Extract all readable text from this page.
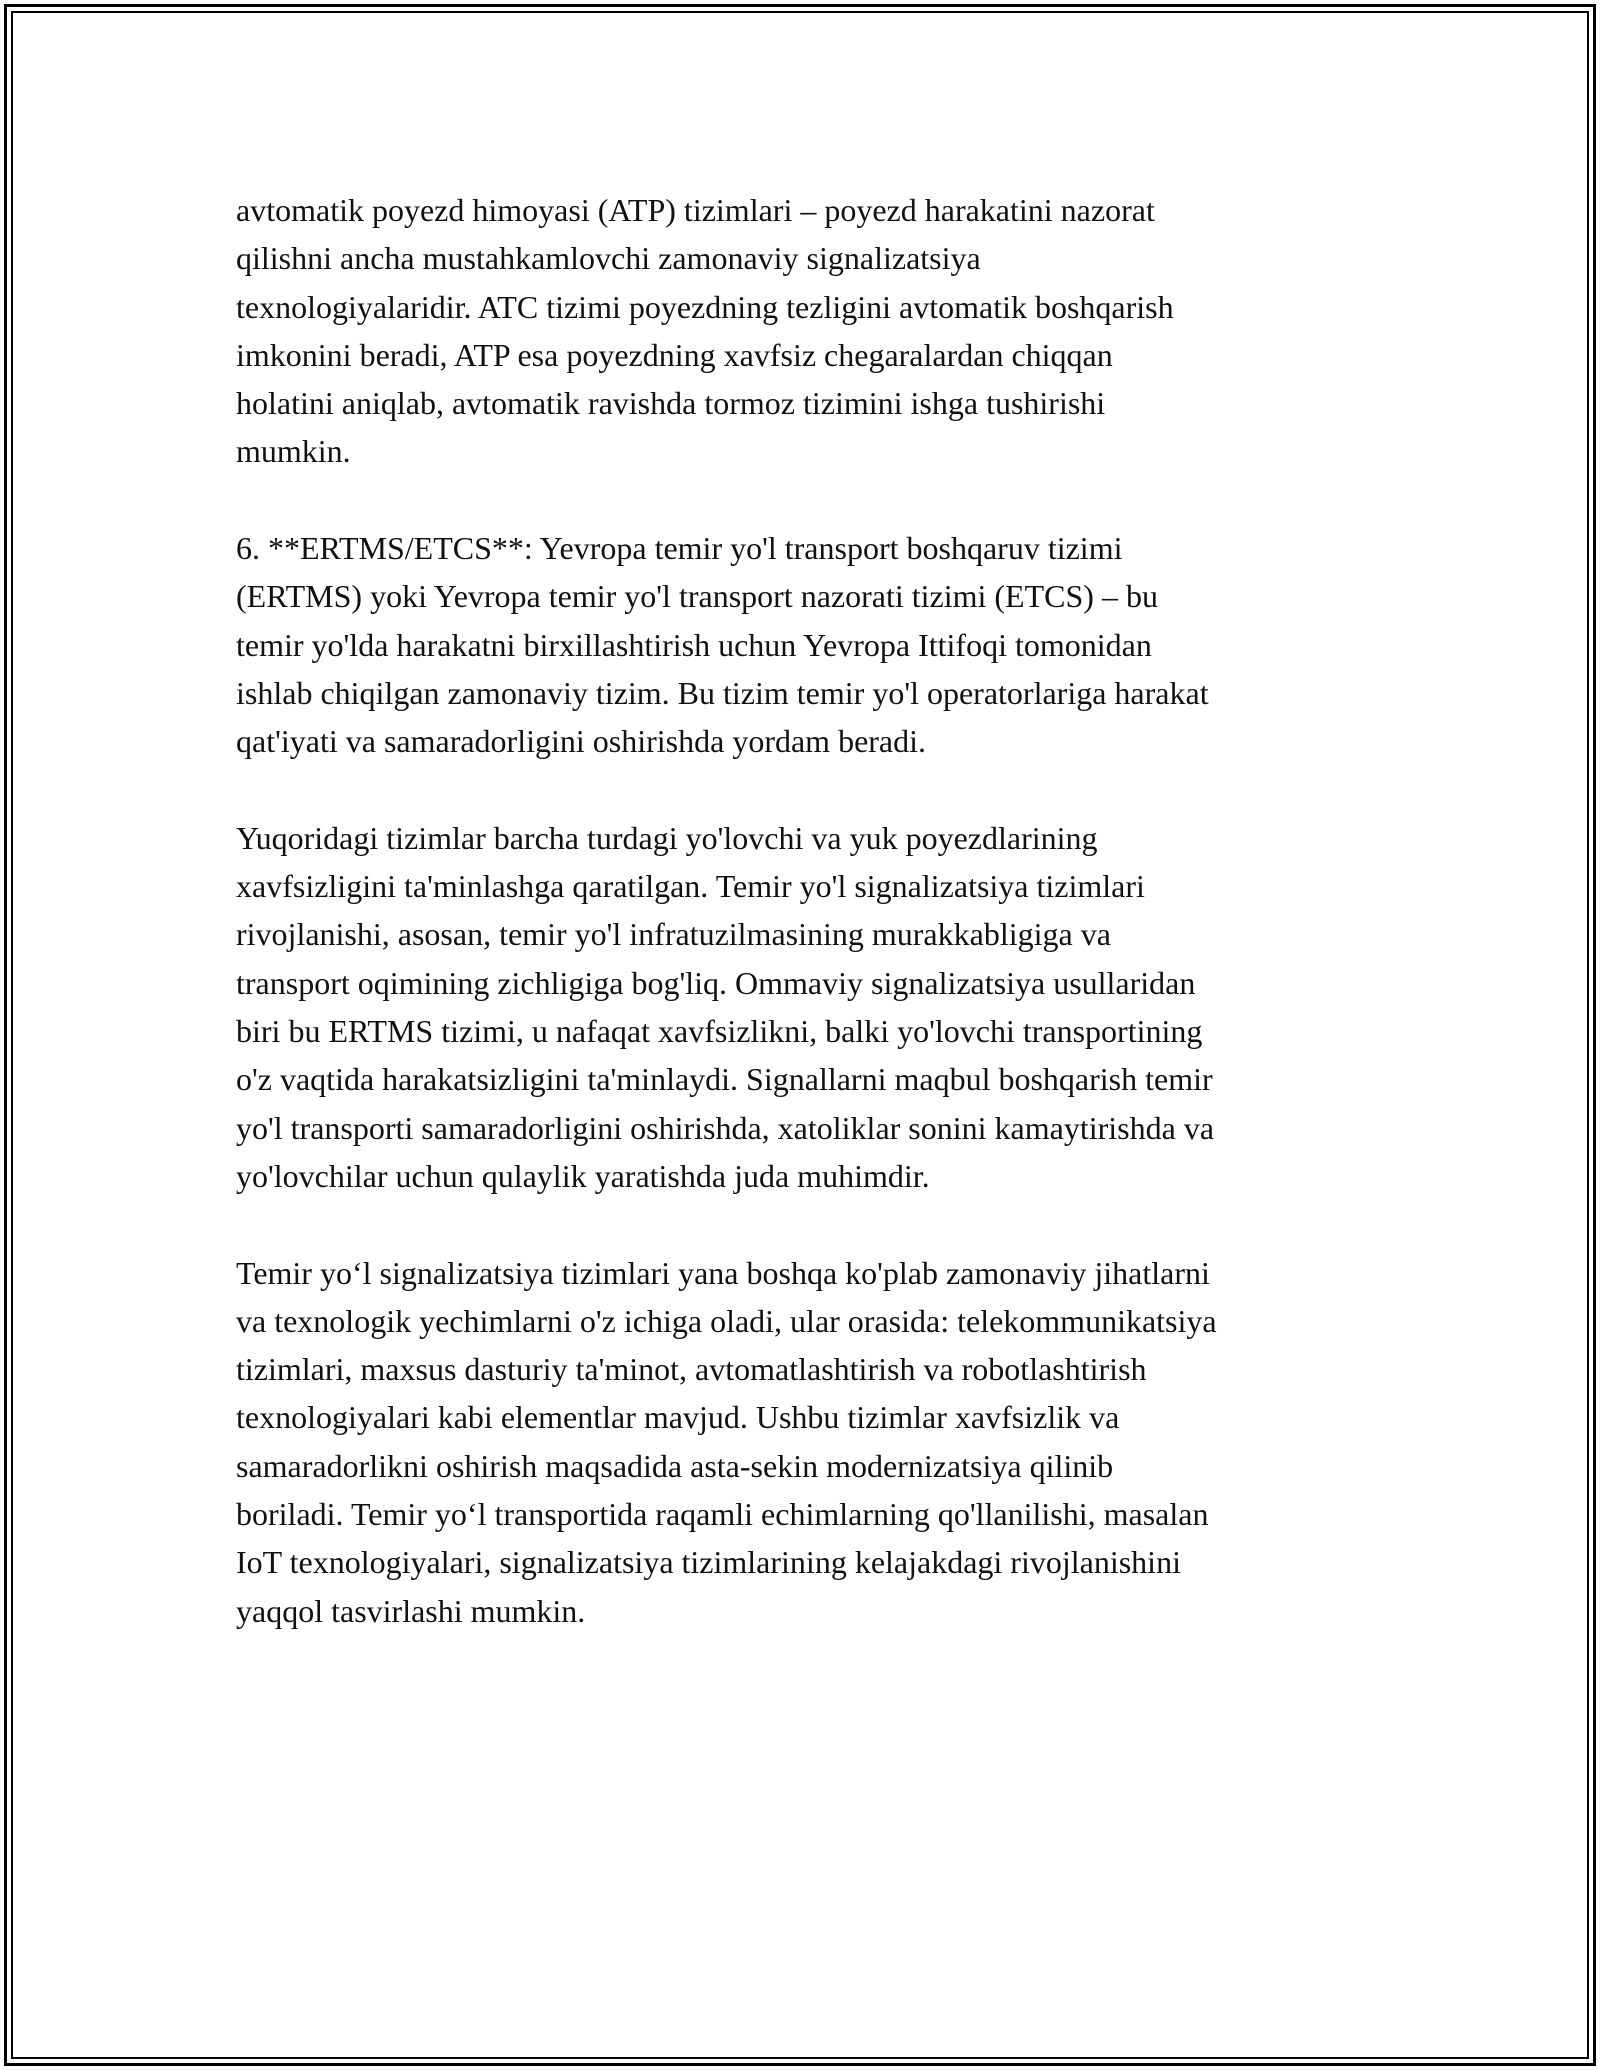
avtomatik poyezd himoyasi (ATP) tizimlari – poyezd harakatini nazorat
qilishni ancha mustahkamlovchi zamonaviy signalizatsiya
texnologiyalaridir. ATC tizimi poyezdning tezligini avtomatik boshqarish
imkonini beradi, ATP esa poyezdning xavfsiz chegaralardan chiqqan
holatini aniqlab, avtomatik ravishda tormoz tizimini ishga tushirishi
mumkin.

6. **ERTMS/ETCS**: Yevropa temir yo'l transport boshqaruv tizimi
(ERTMS) yoki Yevropa temir yo'l transport nazorati tizimi (ETCS) – bu
temir yo'lda harakatni birxillashtirish uchun Yevropa Ittifoqi tomonidan
ishlab chiqilgan zamonaviy tizim. Bu tizim temir yo'l operatorlariga harakat
qat'iyati va samaradorligini oshirishda yordam beradi.

Yuqoridagi tizimlar barcha turdagi yo'lovchi va yuk poyezdlarining
xavfsizligini ta'minlashga qaratilgan. Temir yo'l signalizatsiya tizimlari
rivojlanishi, asosan, temir yo'l infratuzilmasining murakkabligiga va
transport oqimining zichligiga bog'liq. Ommaviy signalizatsiya usullaridan
biri bu ERTMS tizimi, u nafaqat xavfsizlikni, balki yo'lovchi transportining
o'z vaqtida harakatsizligini ta'minlaydi. Signallarni maqbul boshqarish temir
yo'l transporti samaradorligini oshirishda, xatoliklar sonini kamaytirishda va
yo'lovchilar uchun qulaylik yaratishda juda muhimdir.

Temir yo‘l signalizatsiya tizimlari yana boshqa ko'plab zamonaviy jihatlarni
va texnologik yechimlarni o'z ichiga oladi, ular orasida: telekommunikatsiya
tizimlari, maxsus dasturiy ta'minot, avtomatlashtirish va robotlashtirish
texnologiyalari kabi elementlar mavjud. Ushbu tizimlar xavfsizlik va
samaradorlikni oshirish maqsadida asta-sekin modernizatsiya qilinib
boriladi. Temir yo‘l transportida raqamli echimlarning qo'llanilishi, masalan
IoT texnologiyalari, signalizatsiya tizimlarining kelajakdagi rivojlanishini
yaqqol tasvirlashi mumkin.
